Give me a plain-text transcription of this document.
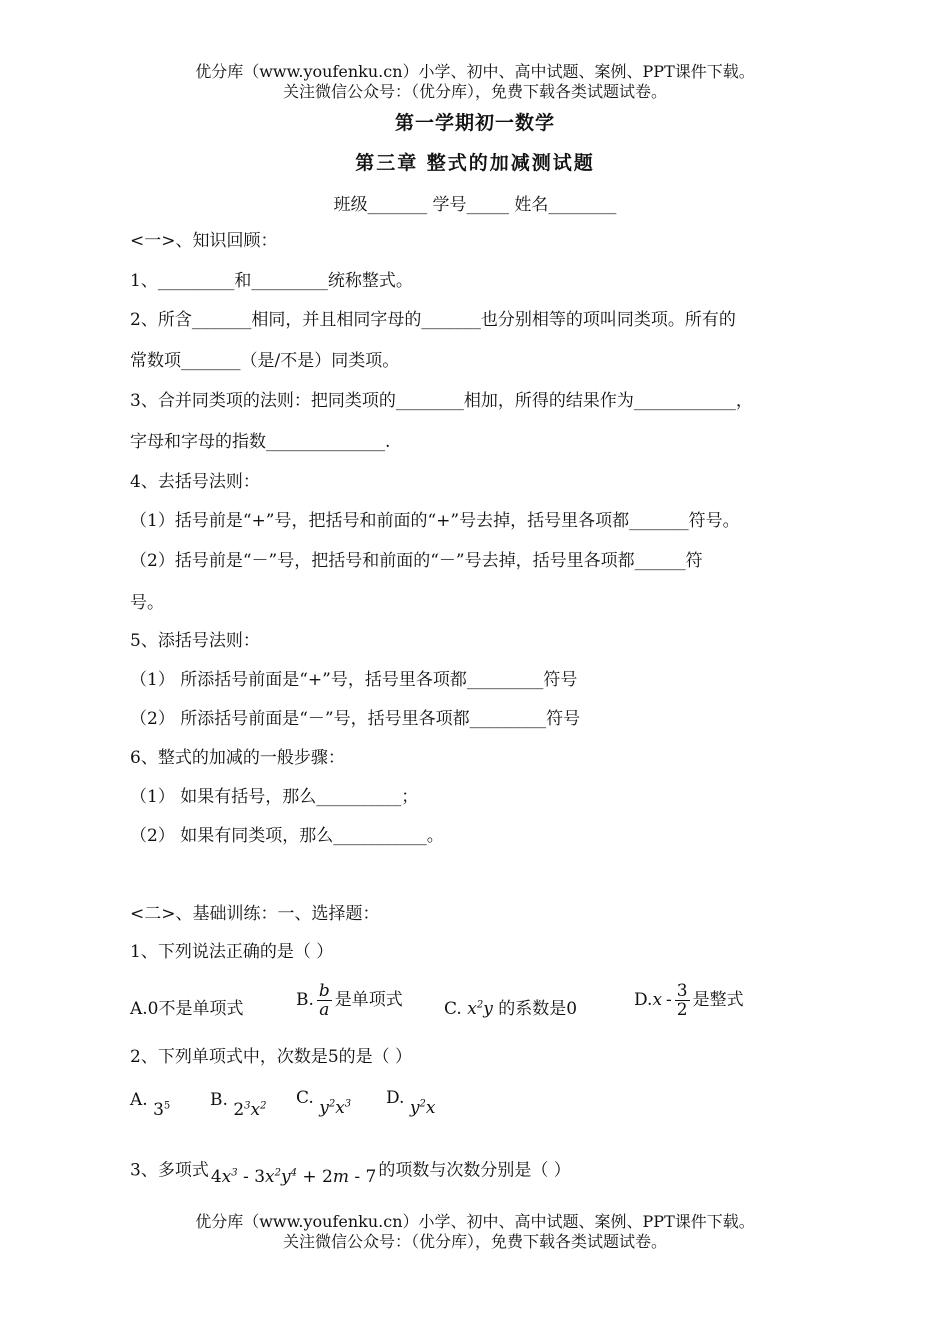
优分库（www.youfenku.cn）小学、初中、高中试题、案例、PPT课件下载。
关注微信公众号：（优分库），免费下载各类试题试卷。
第一学期初一数学
第三章 整式的加减测试题
班级_______ 学号_____ 姓名________
<一>、知识回顾：
1、_________和_________统称整式。
2、所含_______相同，并且相同字母的_______也分别相等的项叫同类项。所有的
常数项_______（是/不是）同类项。
3、合并同类项的法则：把同类项的________相加，所得的结果作为____________，
字母和字母的指数______________.
4、去括号法则：
（1）括号前是“+”号，把括号和前面的“+”号去掉，括号里各项都_______符号。
（2）括号前是“－”号，把括号和前面的“－”号去掉，括号里各项都______符
号。
5、添括号法则：
（1） 所添括号前面是“+”号，括号里各项都_________符号
（2） 所添括号前面是“－”号，括号里各项都_________符号
6、整式的加减的一般步骤：
（1） 如果有括号，那么__________；
（2） 如果有同类项，那么___________。
<二>、基础训练：一、选择题：
1、下列说法正确的是（ ）
A.0不是单项式	B. $\frac{b}{a}$ 是单项式 C. $x^2y$ 的系数是0	$D.x - \frac{3}{2}$ 是整式
2、下列单项式中，次数是5的是（ ）
A. $3^5$ B. $2^3x^2$ C. $y^2x^3$ D. $y^2x$
3、多项式 $4x^3 - 3x^2y^4 + 2m - 7$ 的项数与次数分别是（ ）
优分库（www.youfenku.cn）小学、初中、高中试题、案例、PPT课件下载。
关注微信公众号：（优分库），免费下载各类试题试卷。
